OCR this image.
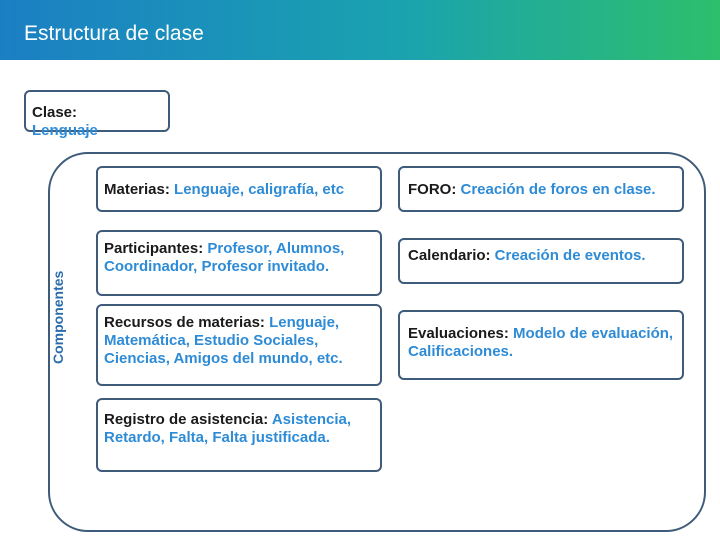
Estructura de clase
Clase:
Lenguaje
Componentes
Materias: Lenguaje, caligrafía, etc
Participantes: Profesor, Alumnos, Coordinador, Profesor invitado.
Recursos de materias: Lenguaje, Matemática, Estudio Sociales, Ciencias, Amigos del mundo, etc.
Registro de asistencia: Asistencia, Retardo, Falta, Falta justificada.
FORO: Creación de foros en clase.
Calendario: Creación de eventos.
Evaluaciones: Modelo de evaluación, Calificaciones.
